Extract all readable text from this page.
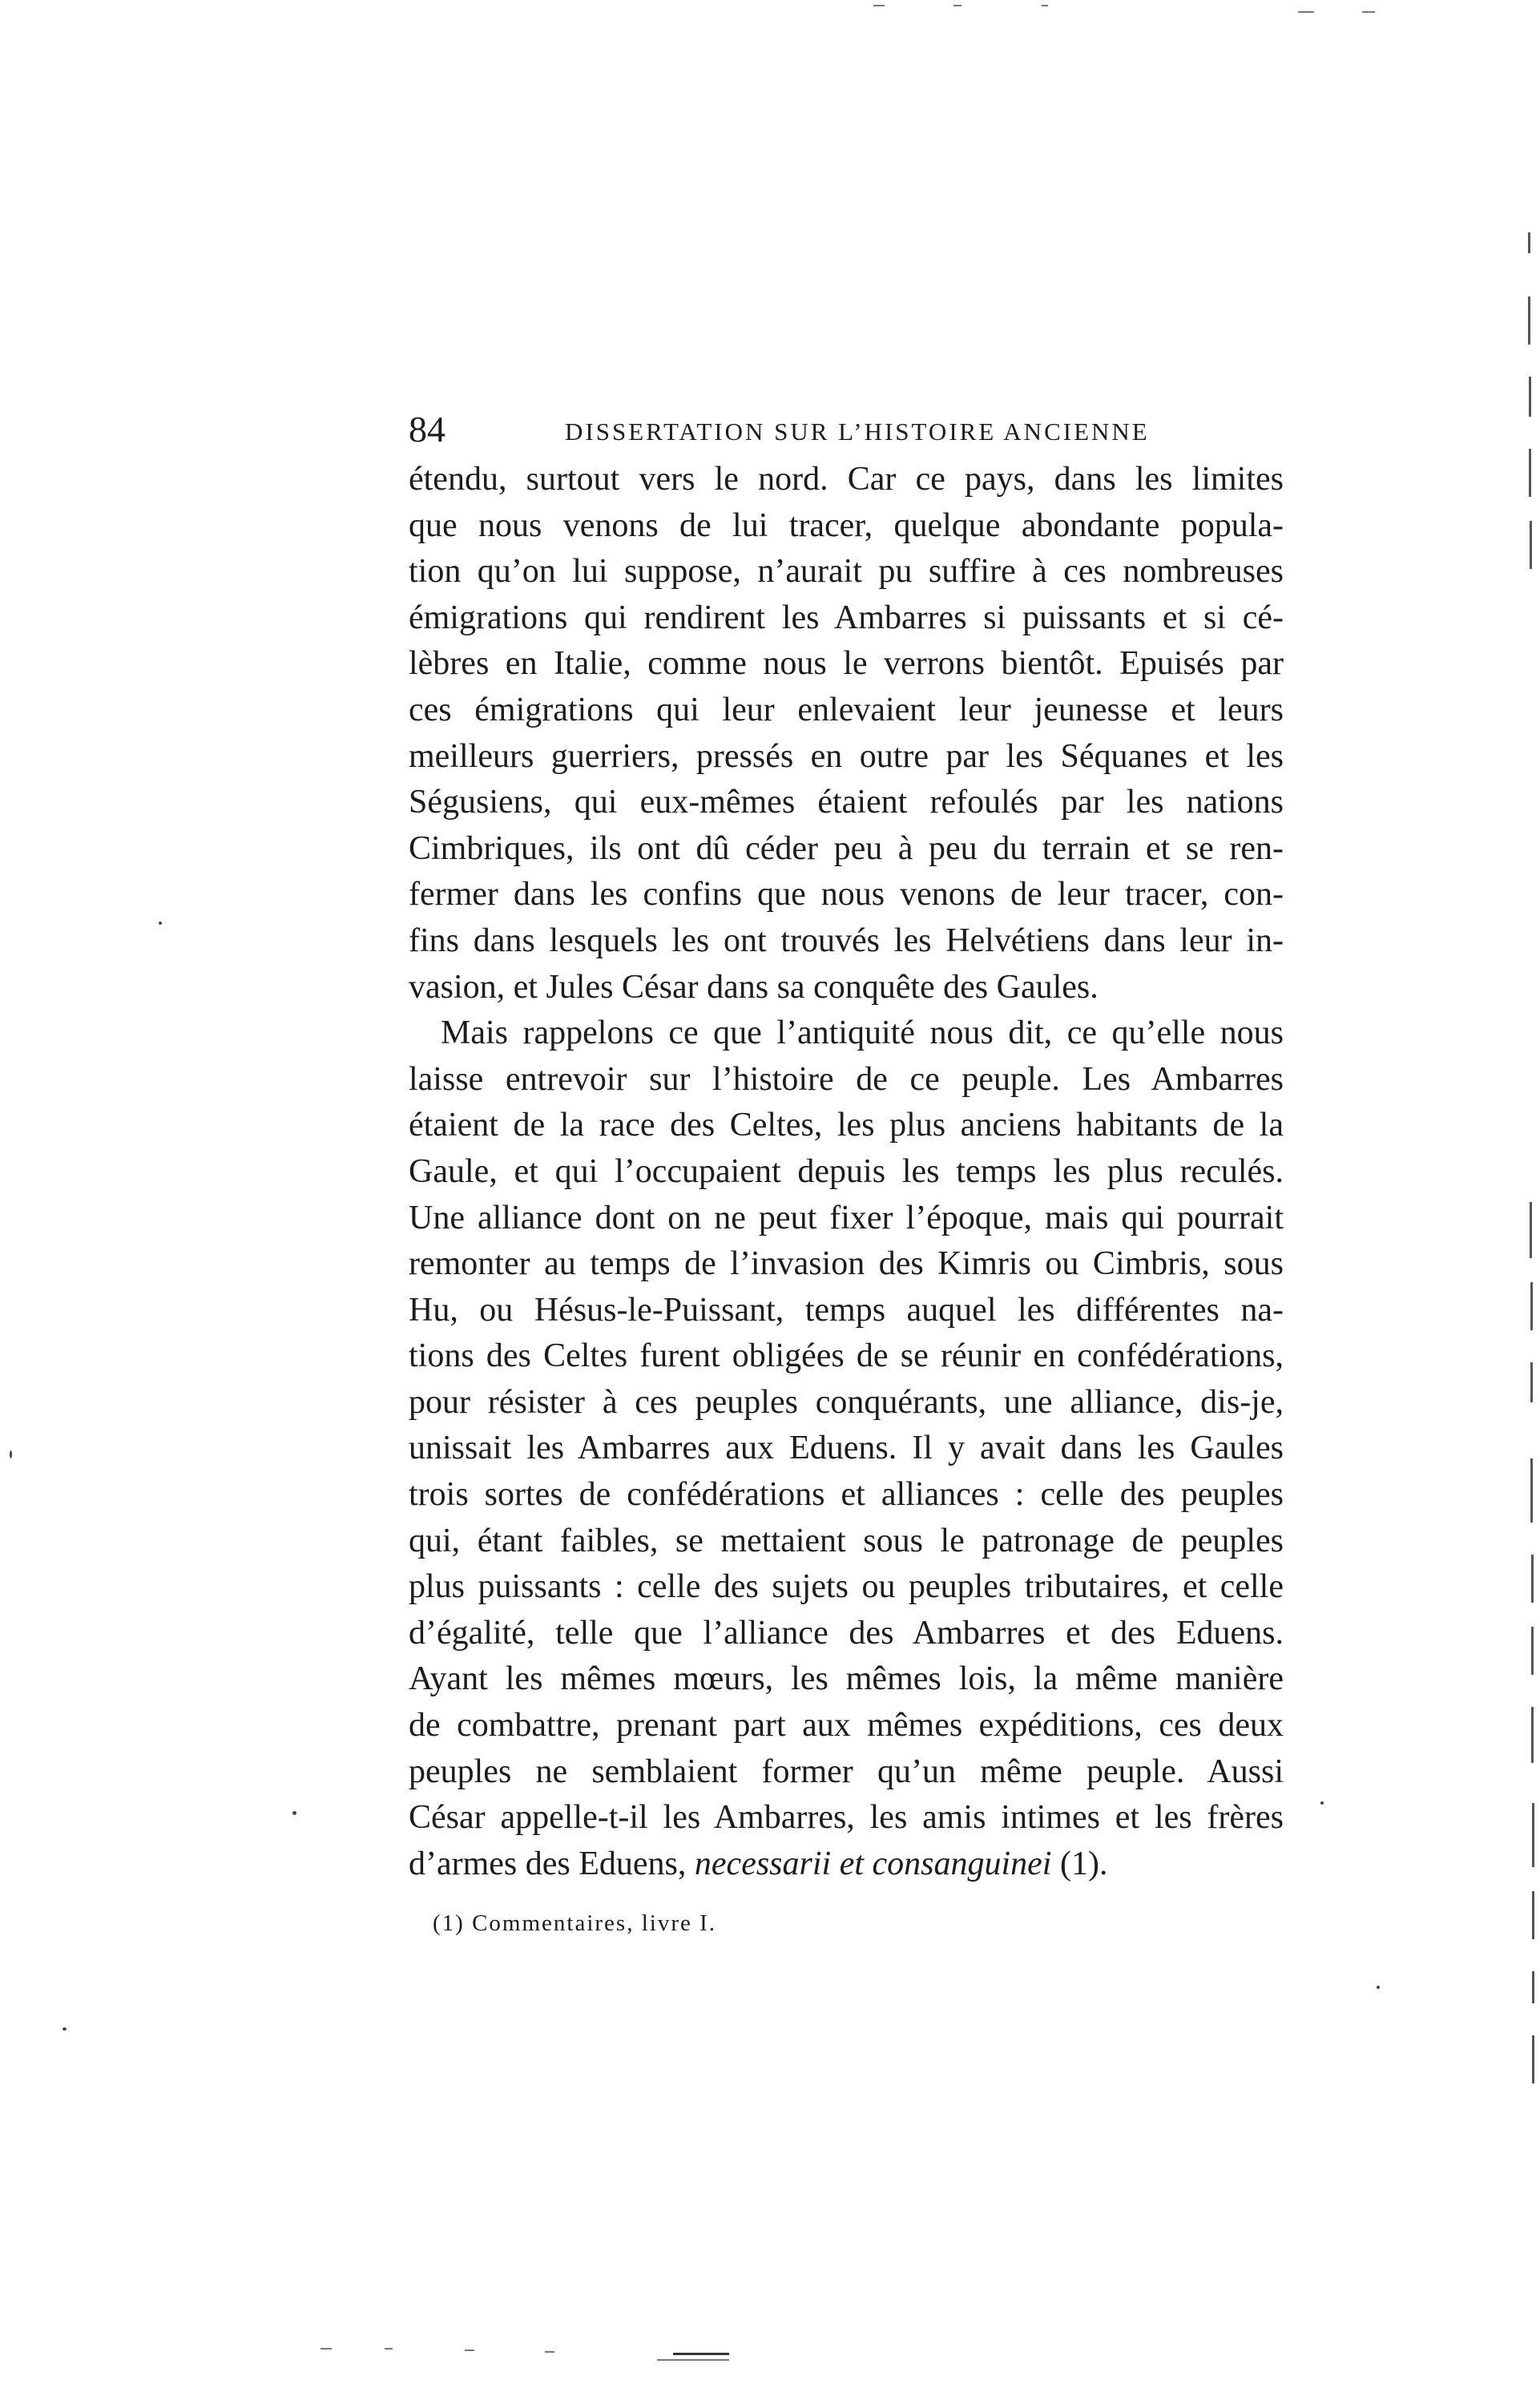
84	DISSERTATION SUR L’HISTOIRE ANCIENNE
étendu, surtout vers le nord. Car ce pays, dans les limites
que nous venons de lui tracer, quelque abondante popula-
tion qu’on lui suppose, n’aurait pu suffire à ces nombreuses
émigrations qui rendirent les Ambarres si puissants et si cé-
lèbres en Italie, comme nous le verrons bientôt. Epuisés par
ces émigrations qui leur enlevaient leur jeunesse et leurs
meilleurs guerriers, pressés en outre par les Séquanes et les
Ségusiens, qui eux-mêmes étaient refoulés par les nations
Cimbriques, ils ont dû céder peu à peu du terrain et se ren-
fermer dans les confins que nous venons de leur tracer, con-
fins dans lesquels les ont trouvés les Helvétiens dans leur in-
vasion, et Jules César dans sa conquête des Gaules.
Mais rappelons ce que l’antiquité nous dit, ce qu’elle nous
laisse entrevoir sur l’histoire de ce peuple. Les Ambarres
étaient de la race des Celtes, les plus anciens habitants de la
Gaule, et qui l’occupaient depuis les temps les plus reculés.
Une alliance dont on ne peut fixer l’époque, mais qui pourrait
remonter au temps de l’invasion des Kimris ou Cimbris, sous
Hu, ou Hésus-le-Puissant, temps auquel les différentes na-
tions des Celtes furent obligées de se réunir en confédérations,
pour résister à ces peuples conquérants, une alliance, dis-je,
unissait les Ambarres aux Eduens. Il y avait dans les Gaules
trois sortes de confédérations et alliances : celle des peuples
qui, étant faibles, se mettaient sous le patronage de peuples
plus puissants : celle des sujets ou peuples tributaires, et celle
d’égalité, telle que l’alliance des Ambarres et des Eduens.
Ayant les mêmes mœurs, les mêmes lois, la même manière
de combattre, prenant part aux mêmes expéditions, ces deux
peuples ne semblaient former qu’un même peuple. Aussi
César appelle-t-il les Ambarres, les amis intimes et les frères
d’armes des Eduens, necessarii et consanguinei (1).
(1) Commentaires, livre I.
